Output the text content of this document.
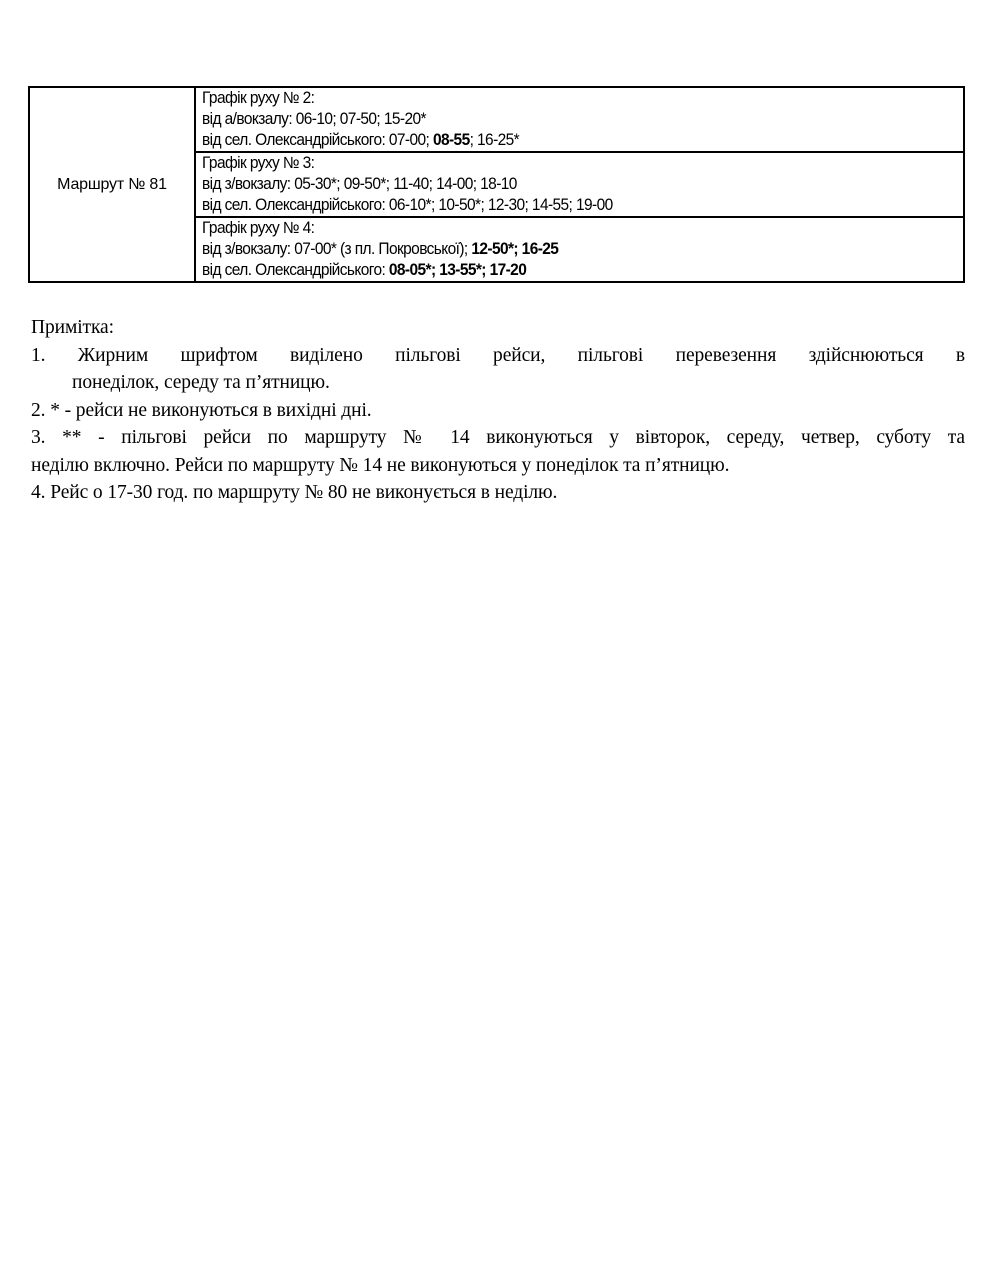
Маршрут № 81	
Графік руху № 2:
від а/вокзалу: 06-10; 07-50; 15-20*
від сел. Олександрійського: 07-00; 08-55; 16-25*

Графік руху № 3:
від з/вокзалу: 05-30*; 09-50*; 11-40; 14-00; 18-10
від сел. Олександрійського: 06-10*; 10-50*; 12-30; 14-55; 19-00

Графік руху № 4:
від з/вокзалу: 07-00* (з пл. Покровської); 12-50*; 16-25
від сел. Олександрійського: 08-05*; 13-55*; 17-20

Примітка:

1. Жирним шрифтом виділено пільгові рейси, пільгові перевезення здійснюються в

понеділок, середу та п’ятницю.

2. * - рейси не виконуються в вихідні дні.

3. ** - пільгові рейси по маршруту № 14 виконуються у вівторок, середу, четвер, суботу та

неділю включно. Рейси по маршруту № 14 не виконуються у понеділок та п’ятницю.

4. Рейс о 17-30 год. по маршруту № 80 не виконується в неділю.
